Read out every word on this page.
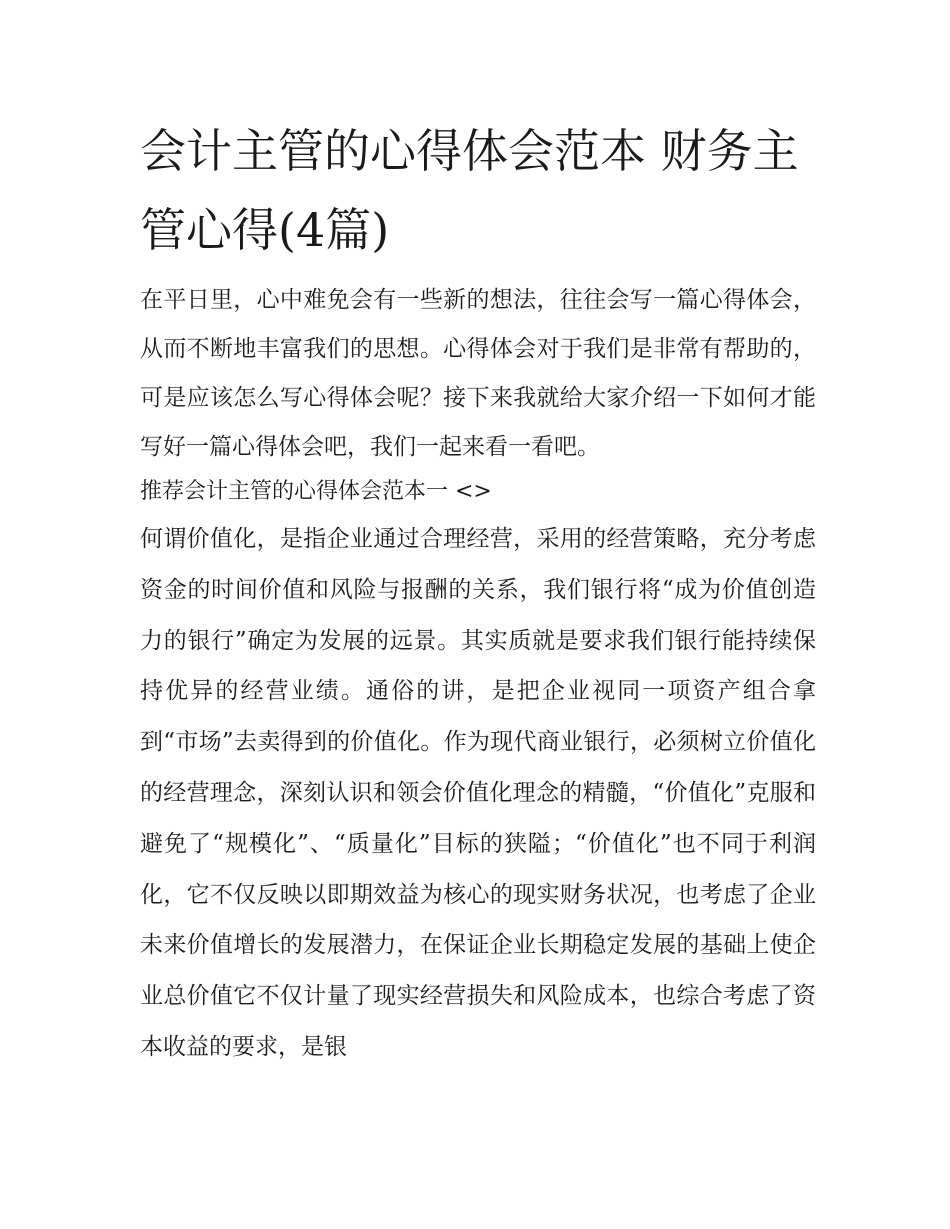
会计主管的心得体会范本 财务主管心得(4篇)

在平日里，心中难免会有一些新的想法，往往会写一篇心得体会，从而不断地丰富我们的思想。心得体会对于我们是非常有帮助的，可是应该怎么写心得体会呢？接下来我就给大家介绍一下如何才能写好一篇心得体会吧，我们一起来看一看吧。

推荐会计主管的心得体会范本一 <>

何谓价值化，是指企业通过合理经营，采用的经营策略，充分考虑资金的时间价值和风险与报酬的关系，我们银行将“成为价值创造力的银行”确定为发展的远景。其实质就是要求我们银行能持续保持优异的经营业绩。通俗的讲，是把企业视同一项资产组合拿到“市场”去卖得到的价值化。作为现代商业银行，必须树立价值化的经营理念，深刻认识和领会价值化理念的精髓，“价值化”克服和避免了“规模化”、“质量化”目标的狭隘；“价值化”也不同于利润化，它不仅反映以即期效益为核心的现实财务状况，也考虑了企业未来价值增长的发展潜力，在保证企业长期稳定发展的基础上使企业总价值它不仅计量了现实经营损失和风险成本，也综合考虑了资本收益的要求，是银
